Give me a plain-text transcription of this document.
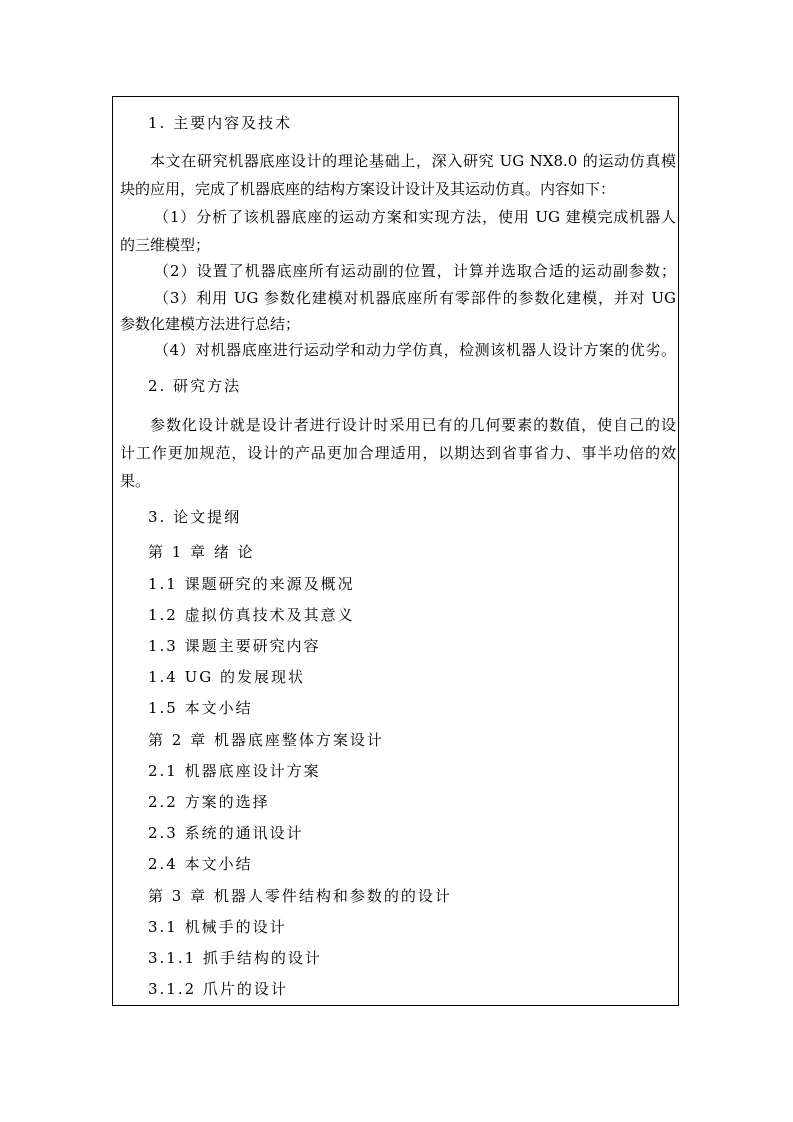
1. 主要内容及技术
本文在研究机器底座设计的理论基础上，深入研究 UG NX8.0 的运动仿真模
块的应用，完成了机器底座的结构方案设计设计及其运动仿真。内容如下：
（1）分析了该机器底座的运动方案和实现方法，使用 UG 建模完成机器人
的三维模型；
（2）设置了机器底座所有运动副的位置，计算并选取合适的运动副参数；
（3）利用 UG 参数化建模对机器底座所有零部件的参数化建模，并对 UG
参数化建模方法进行总结；
（4）对机器底座进行运动学和动力学仿真，检测该机器人设计方案的优劣。
2. 研究方法
参数化设计就是设计者进行设计时采用已有的几何要素的数值，使自己的设
计工作更加规范，设计的产品更加合理适用，以期达到省事省力、事半功倍的效
果。
3. 论文提纲
第 1 章 绪 论
1.1 课题研究的来源及概况
1.2 虚拟仿真技术及其意义
1.3 课题主要研究内容
1.4 UG 的发展现状
1.5 本文小结
第 2 章 机器底座整体方案设计
2.1 机器底座设计方案
2.2 方案的选择
2.3 系统的通讯设计
2.4 本文小结
第 3 章 机器人零件结构和参数的的设计
3.1 机械手的设计
3.1.1 抓手结构的设计
3.1.2 爪片的设计
